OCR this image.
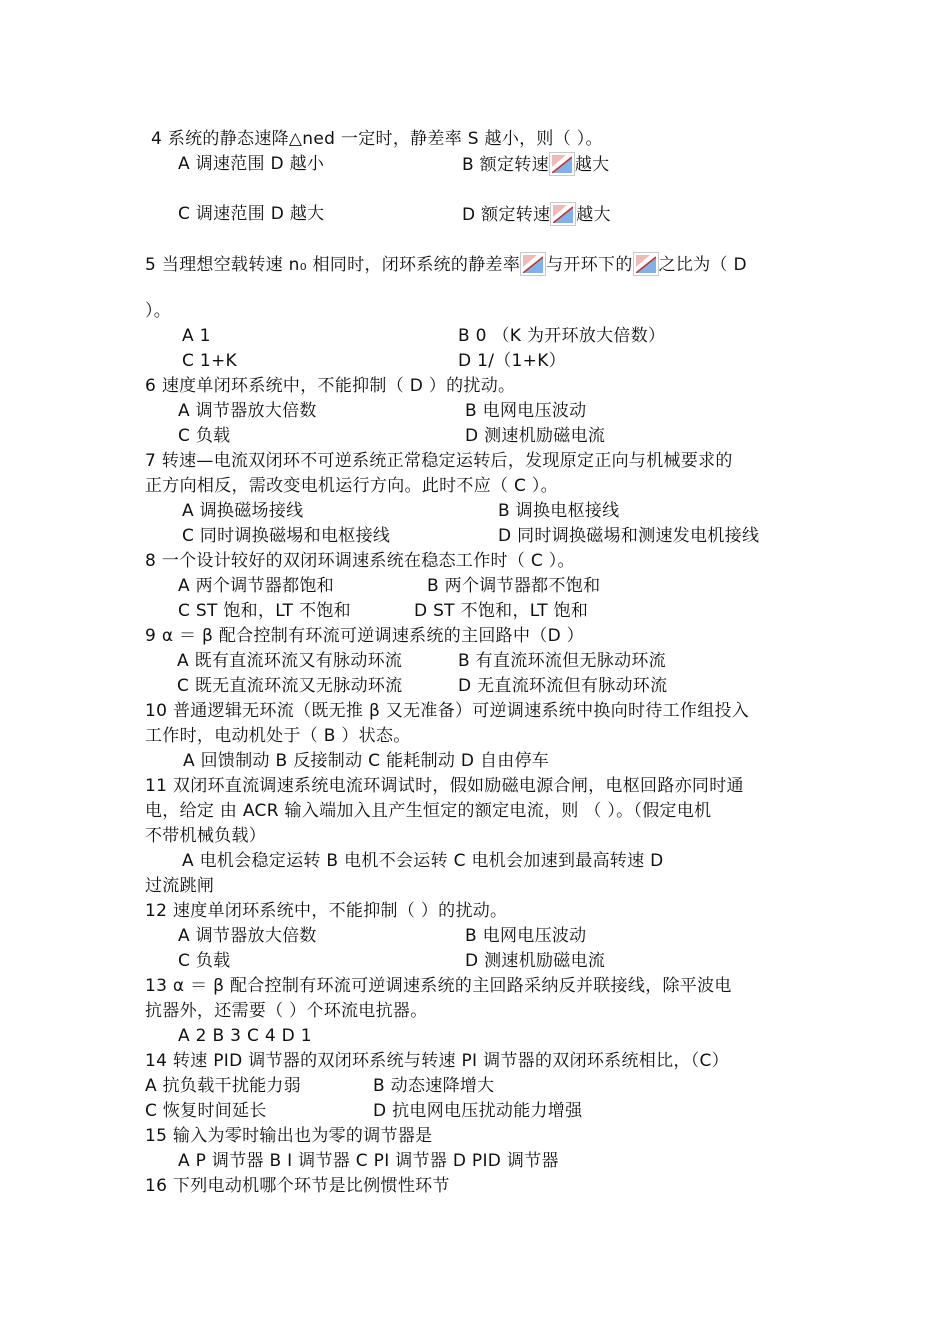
4 系统的静态速降△ned 一定时，静差率 S 越小，则（ ）。
A 调速范围 D 越小	B 额定转速 越大
C 调速范围 D 越大	D 额定转速 越大
5 当理想空载转速 n₀ 相同时，闭环系统的静差率 与开环下的 之比为（ D
）。
A 1	B 0 （K 为开环放大倍数）
C 1+K	D 1/（1+K）
6 速度单闭环系统中，不能抑制（ D ）的扰动。
A 调节器放大倍数	B 电网电压波动
C 负载	D 测速机励磁电流
7 转速—电流双闭环不可逆系统正常稳定运转后，发现原定正向与机械要求的
正方向相反，需改变电机运行方向。此时不应（ C ）。
A 调换磁场接线	B 调换电枢接线
C 同时调换磁埸和电枢接线	D 同时调换磁埸和测速发电机接线
8 一个设计较好的双闭环调速系统在稳态工作时（ C ）。
A 两个调节器都饱和	B 两个调节器都不饱和
C ST 饱和，LT 不饱和	D ST 不饱和，LT 饱和
9 α ＝ β 配合控制有环流可逆调速系统的主回路中（D ）
A 既有直流环流又有脉动环流	B 有直流环流但无脉动环流
C 既无直流环流又无脉动环流	D 无直流环流但有脉动环流
10 普通逻辑无环流（既无推 β 又无准备）可逆调速系统中换向时待工作组投入
工作时，电动机处于（ B ）状态。
A 回馈制动 B 反接制动 C 能耗制动 D 自由停车
11 双闭环直流调速系统电流环调试时，假如励磁电源合闸，电枢回路亦同时通
电，给定 由 ACR 输入端加入且产生恒定的额定电流，则 （ ）。（假定电机
不带机械负载）
A 电机会稳定运转 B 电机不会运转 C 电机会加速到最高转速 D
过流跳闸
12 速度单闭环系统中，不能抑制（ ）的扰动。
A 调节器放大倍数	B 电网电压波动
C 负载	D 测速机励磁电流
13 α ＝ β 配合控制有环流可逆调速系统的主回路采纳反并联接线，除平波电
抗器外，还需要（ ）个环流电抗器。
A 2 B 3 C 4 D 1
14 转速 PID 调节器的双闭环系统与转速 PI 调节器的双闭环系统相比，（C）
A 抗负载干扰能力弱	B 动态速降增大
C 恢复时间延长	D 抗电网电压扰动能力增强
15 输入为零时输出也为零的调节器是
A P 调节器 B I 调节器 C PI 调节器 D PID 调节器
16 下列电动机哪个环节是比例惯性环节
